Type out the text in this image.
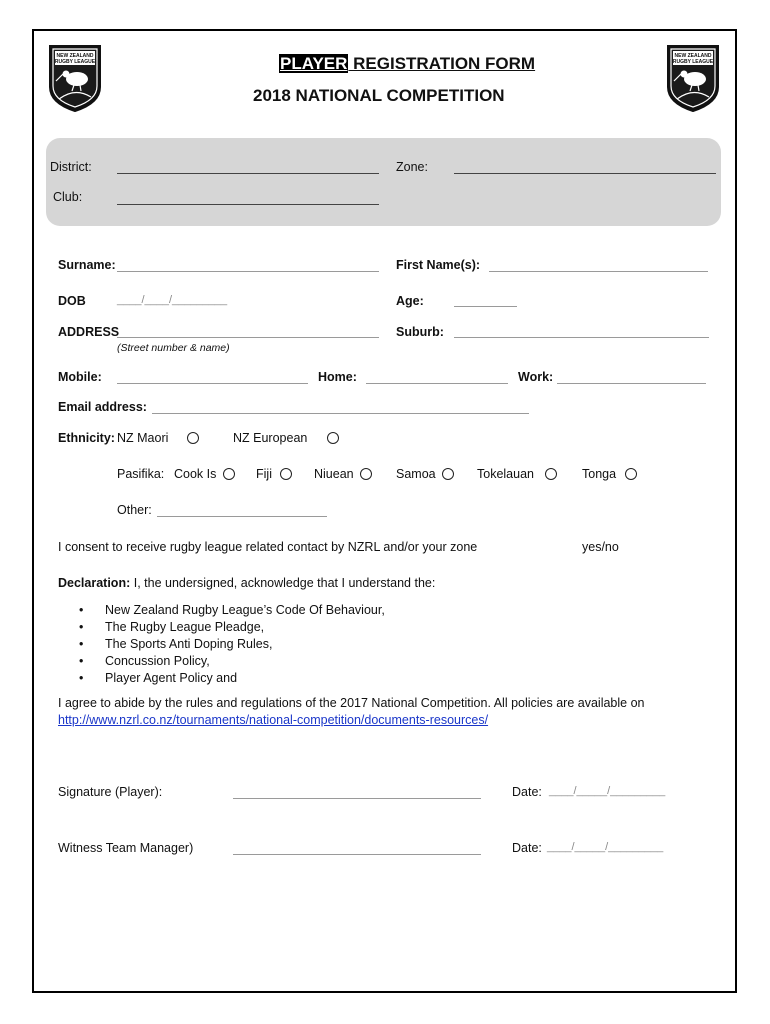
NEW ZEALAND
RUGBY LEAGUE
NEW ZEALAND
RUGBY LEAGUE
PLAYER REGISTRATION FORM
2018 NATIONAL COMPETITION
District:	Zone:
Club:
Surname:	First Name(s):
DOB	____/____/_________	Age:
ADDRESS
(Street number & name)
Suburb:
Mobile:	Home:	Work:
Email address:
Ethnicity: NZ Maori	NZ European
Pasifika: Cook Is	Fiji	Niuean	Samoa	Tokelauan	Tonga
Other:
I consent to receive rugby league related contact by NZRL and/or your zone	yes/no
Declaration: I, the undersigned, acknowledge that I understand the:
• New Zealand Rugby League’s Code Of Behaviour,
• The Rugby League Pleadge,
• The Sports Anti Doping Rules,
• Concussion Policy,
• Player Agent Policy and
I agree to abide by the rules and regulations of the 2017 National Competition. All policies are available on
http://www.nzrl.co.nz/tournaments/national-competition/documents-resources/
Signature (Player):	Date: ____/_____/_________
Witness Team Manager)	Date: ____/_____/_________
